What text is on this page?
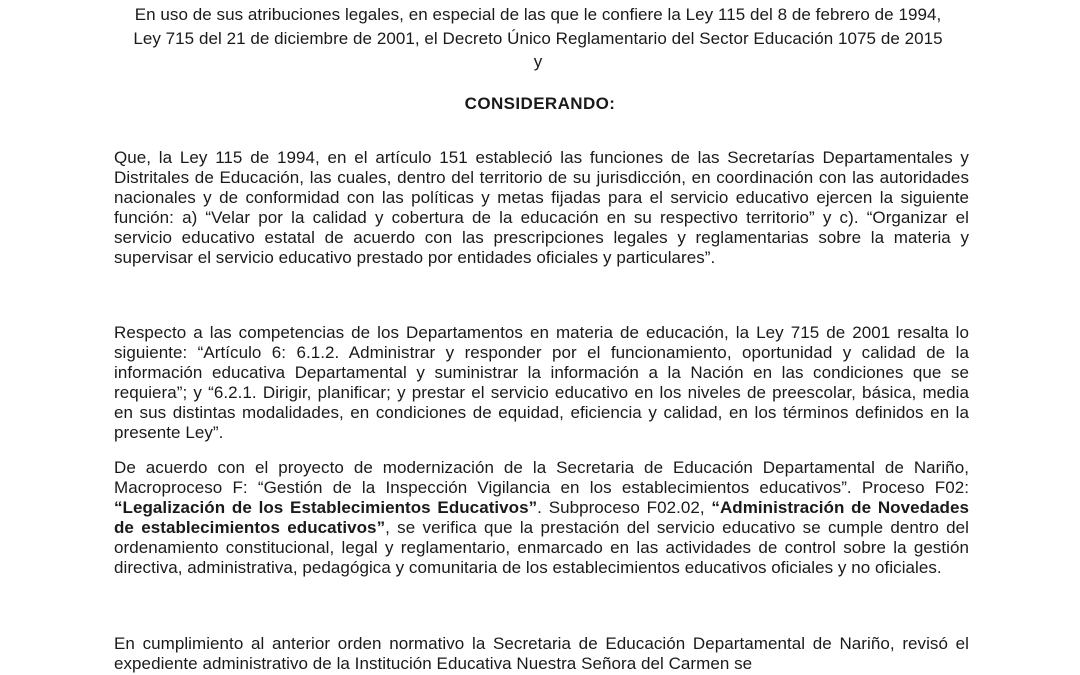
En uso de sus atribuciones legales, en especial de las que le confiere la Ley 115 del 8 de febrero de 1994, Ley 715 del 21 de diciembre de 2001, el Decreto Único Reglamentario del Sector Educación 1075 de 2015 y
CONSIDERANDO:
Que, la Ley 115 de 1994, en el artículo 151 estableció las funciones de las Secretarías Departamentales y Distritales de Educación, las cuales, dentro del territorio de su jurisdicción, en coordinación con las autoridades nacionales y de conformidad con las políticas y metas fijadas para el servicio educativo ejercen la siguiente función: a) “Velar por la calidad y cobertura de la educación en su respectivo territorio” y c). “Organizar el servicio educativo estatal de acuerdo con las prescripciones legales y reglamentarias sobre la materia y supervisar el servicio educativo prestado por entidades oficiales y particulares”.
Respecto a las competencias de los Departamentos en materia de educación, la Ley 715 de 2001 resalta lo siguiente: “Artículo 6: 6.1.2. Administrar y responder por el funcionamiento, oportunidad y calidad de la información educativa Departamental y suministrar la información a la Nación en las condiciones que se requiera”; y “6.2.1. Dirigir, planificar; y prestar el servicio educativo en los niveles de preescolar, básica, media en sus distintas modalidades, en condiciones de equidad, eficiencia y calidad, en los términos definidos en la presente Ley”.
De acuerdo con el proyecto de modernización de la Secretaria de Educación Departamental de Nariño, Macroproceso F: “Gestión de la Inspección Vigilancia en los establecimientos educativos”. Proceso F02: “Legalización de los Establecimientos Educativos”. Subproceso F02.02, “Administración de Novedades de establecimientos educativos”, se verifica que la prestación del servicio educativo se cumple dentro del ordenamiento constitucional, legal y reglamentario, enmarcado en las actividades de control sobre la gestión directiva, administrativa, pedagógica y comunitaria de los establecimientos educativos oficiales y no oficiales.
En cumplimiento al anterior orden normativo la Secretaria de Educación Departamental de Nariño, revisó el expediente administrativo de la Institución Educativa Nuestra Señora del Carmen se
